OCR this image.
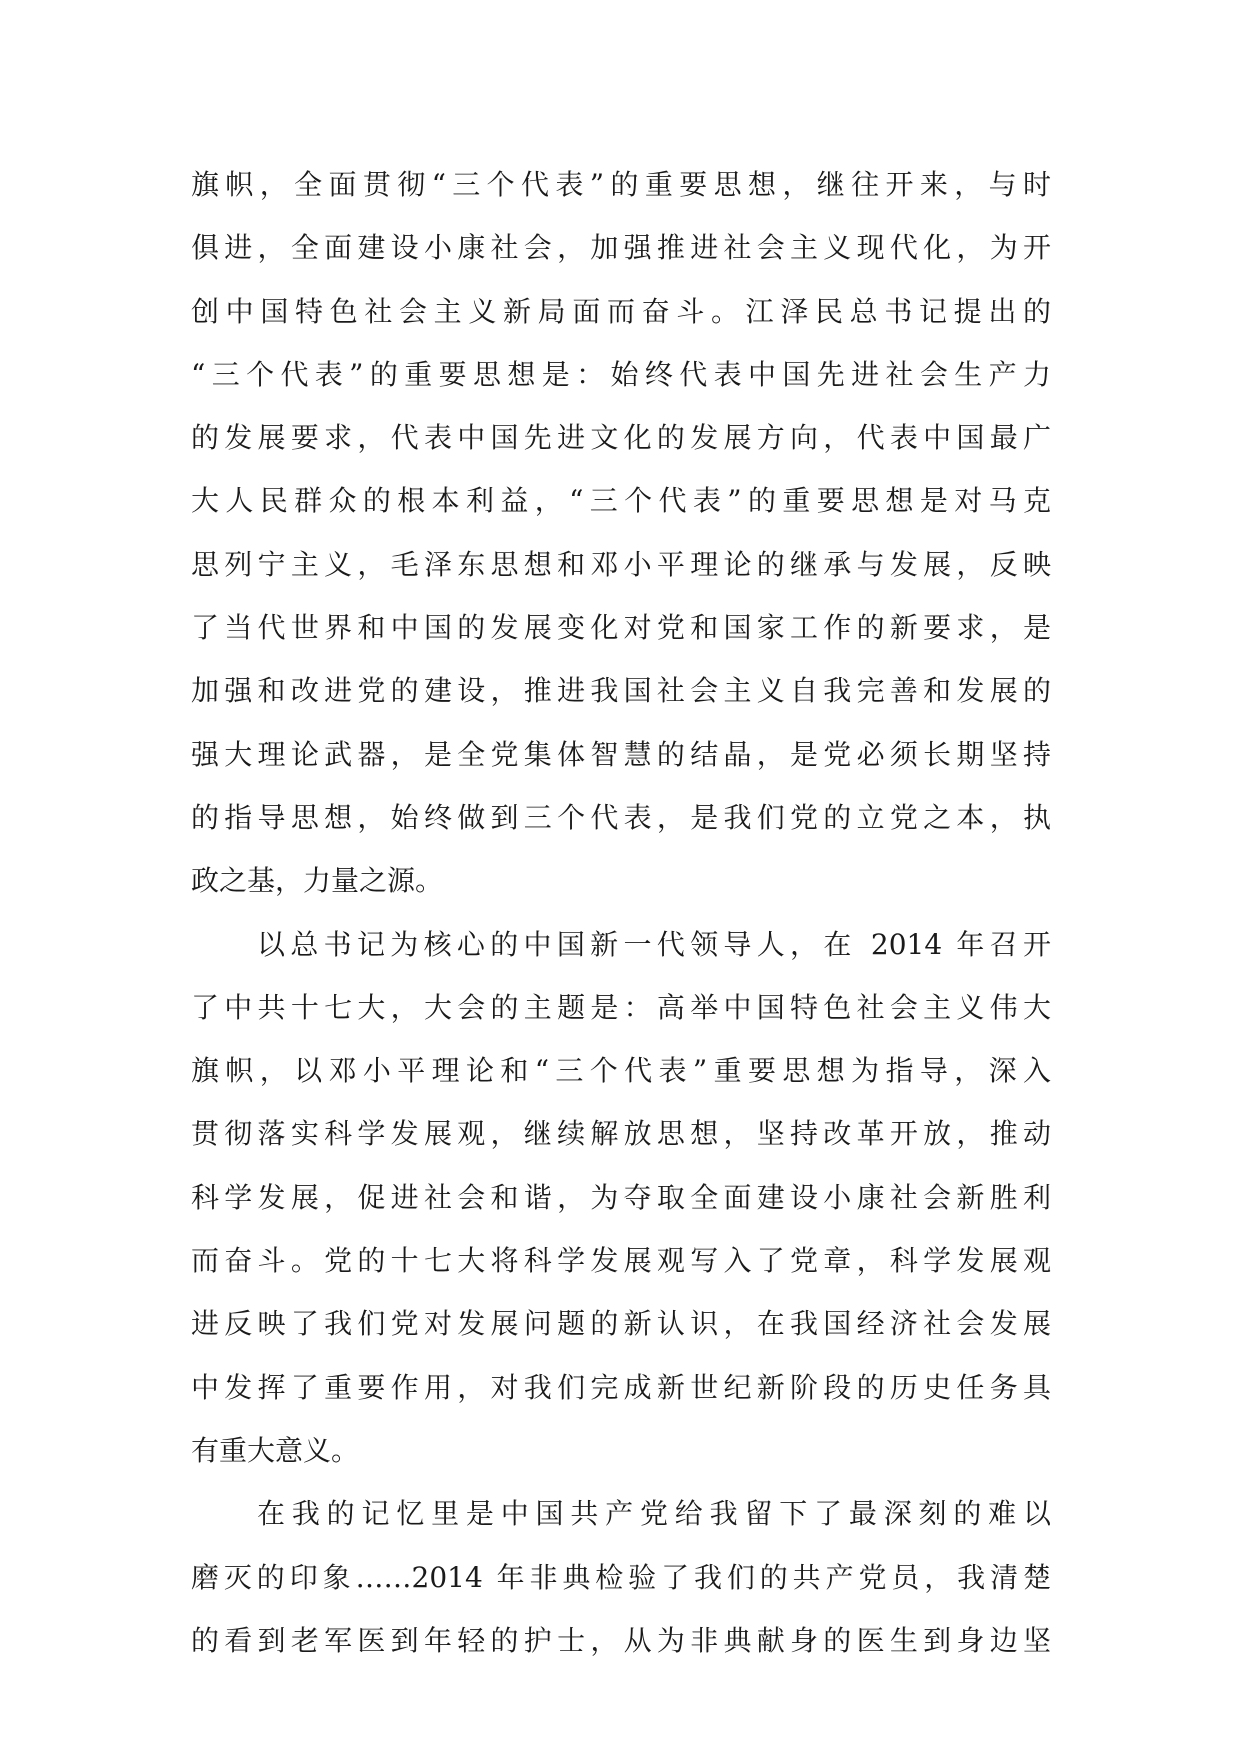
旗帜，全面贯彻“三个代表”的重要思想，继往开来，与时
俱进，全面建设小康社会，加强推进社会主义现代化，为开
创中国特色社会主义新局面而奋斗。江泽民总书记提出的
“三个代表”的重要思想是：始终代表中国先进社会生产力
的发展要求，代表中国先进文化的发展方向，代表中国最广
大人民群众的根本利益，“三个代表”的重要思想是对马克
思列宁主义，毛泽东思想和邓小平理论的继承与发展，反映
了当代世界和中国的发展变化对党和国家工作的新要求，是
加强和改进党的建设，推进我国社会主义自我完善和发展的
强大理论武器，是全党集体智慧的结晶，是党必须长期坚持
的指导思想，始终做到三个代表，是我们党的立党之本，执
政之基，力量之源。
以总书记为核心的中国新一代领导人，在 2014 年召开
了中共十七大，大会的主题是：高举中国特色社会主义伟大
旗帜，以邓小平理论和“三个代表”重要思想为指导，深入
贯彻落实科学发展观，继续解放思想，坚持改革开放，推动
科学发展，促进社会和谐，为夺取全面建设小康社会新胜利
而奋斗。党的十七大将科学发展观写入了党章，科学发展观
进反映了我们党对发展问题的新认识，在我国经济社会发展
中发挥了重要作用，对我们完成新世纪新阶段的历史任务具
有重大意义。
在我的记忆里是中国共产党给我留下了最深刻的难以
磨灭的印象……2014 年非典检验了我们的共产党员，我清楚
的看到老军医到年轻的护士，从为非典献身的医生到身边坚
